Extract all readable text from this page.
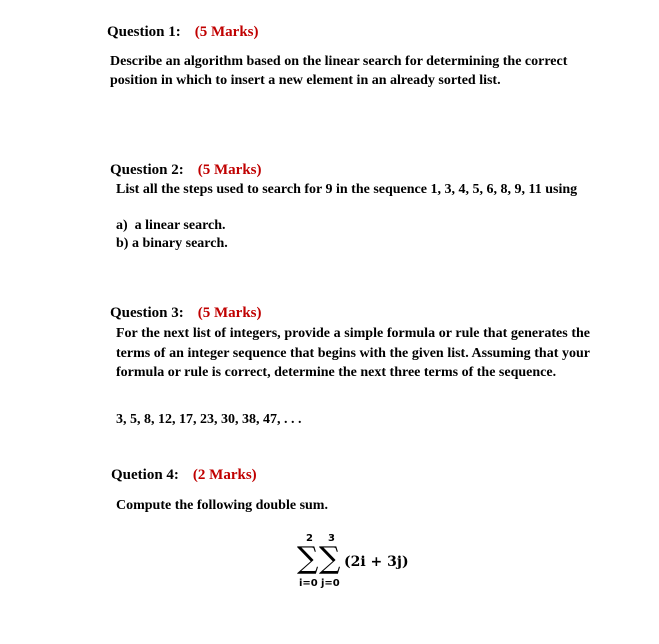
Question 1: (5 Marks)
Describe an algorithm based on the linear search for determining the correct position in which to insert a new element in an already sorted list.
Question 2: (5 Marks)
List all the steps used to search for 9 in the sequence 1, 3, 4, 5, 6, 8, 9, 11 using
a)  a linear search.
b) a binary search.
Question 3: (5 Marks)
For the next list of integers, provide a simple formula or rule that generates the terms of an integer sequence that begins with the given list. Assuming that your formula or rule is correct, determine the next three terms of the sequence.
3, 5, 8, 12, 17, 23, 30, 38, 47, . . .
Quetion 4: (2 Marks)
Compute the following double sum.
2
∑
i=0
3
∑
j=0
(2i + 3j)
